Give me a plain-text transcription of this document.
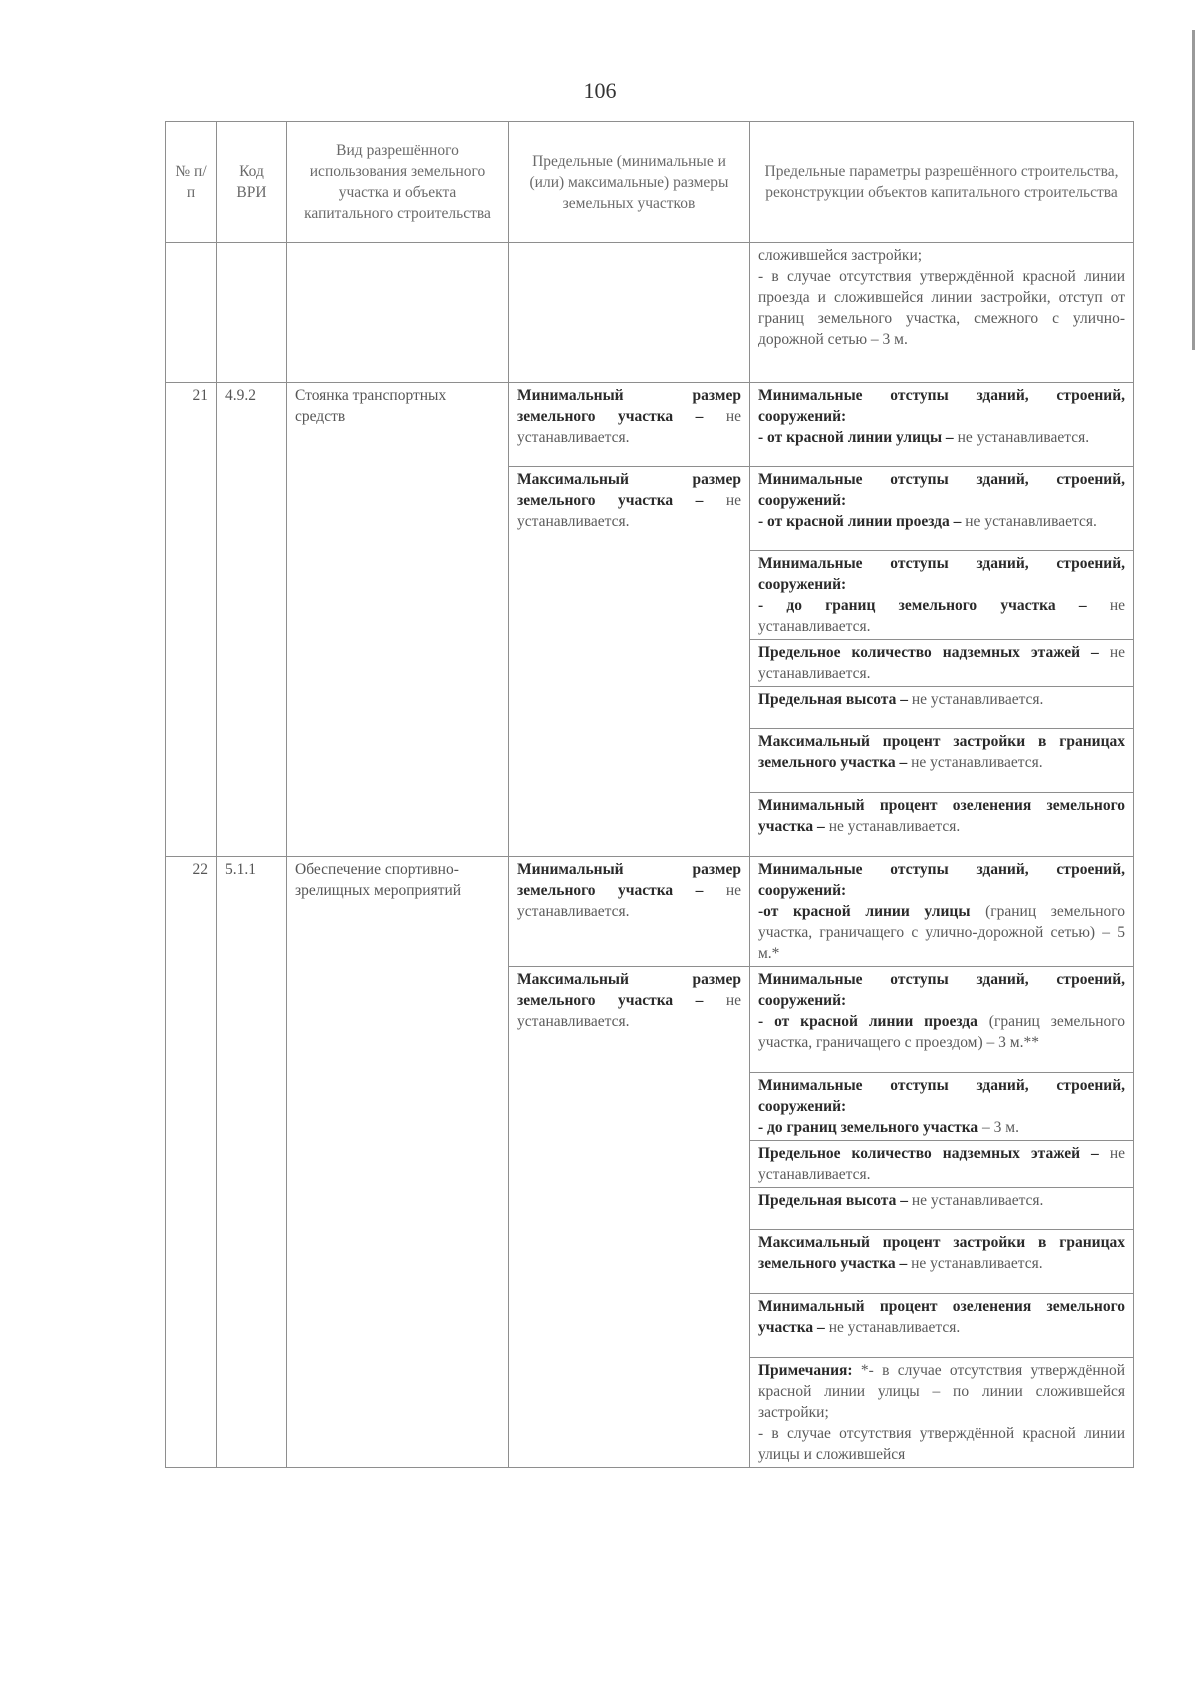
106
№ п/п	Код ВРИ	Вид разрешённого использования земельного участка и объекта капитального строительства	Предельные (минимальные и (или) максимальные) размеры земельных участков	Предельные параметры разрешённого строительства, реконструкции объектов капитального строительства
				сложившейся застройки;
- в случае отсутствия утверждённой красной линии проезда и сложившейся линии застройки, отступ от границ земельного участка, смежного с улично-дорожной сетью – 3 м.
21	4.9.2	Стоянка транспортных средств	Минимальный размер земельного участка – не устанавливается.	Минимальные отступы зданий, строений, сооружений:
- от красной линии улицы – не устанавливается.
			Максимальный размер земельного участка – не устанавливается.	Минимальные отступы зданий, строений, сооружений:
- от красной линии проезда – не устанавливается.
				Минимальные отступы зданий, строений, сооружений:
- до границ земельного участка – не устанавливается.
				Предельное количество надземных этажей – не устанавливается.
				Предельная высота – не устанавливается.
				Максимальный процент застройки в границах земельного участка – не устанавливается.
				Минимальный процент озеленения земельного участка – не устанавливается.
22	5.1.1	Обеспечение спортивно-зрелищных мероприятий	Минимальный размер земельного участка – не устанавливается.	Минимальные отступы зданий, строений, сооружений:
-от красной линии улицы (границ земельного участка, граничащего с улично-дорожной сетью) – 5 м.*
			Максимальный размер земельного участка – не устанавливается.	Минимальные отступы зданий, строений, сооружений:
- от красной линии проезда (границ земельного участка, граничащего с проездом) – 3 м.**
				Минимальные отступы зданий, строений, сооружений:
- до границ земельного участка – 3 м.
				Предельное количество надземных этажей – не устанавливается.
				Предельная высота – не устанавливается.
				Максимальный процент застройки в границах земельного участка – не устанавливается.
				Минимальный процент озеленения земельного участка – не устанавливается.
				Примечания: *- в случае отсутствия утверждённой красной линии улицы – по линии сложившейся застройки;
- в случае отсутствия утверждённой красной линии улицы и сложившейся
